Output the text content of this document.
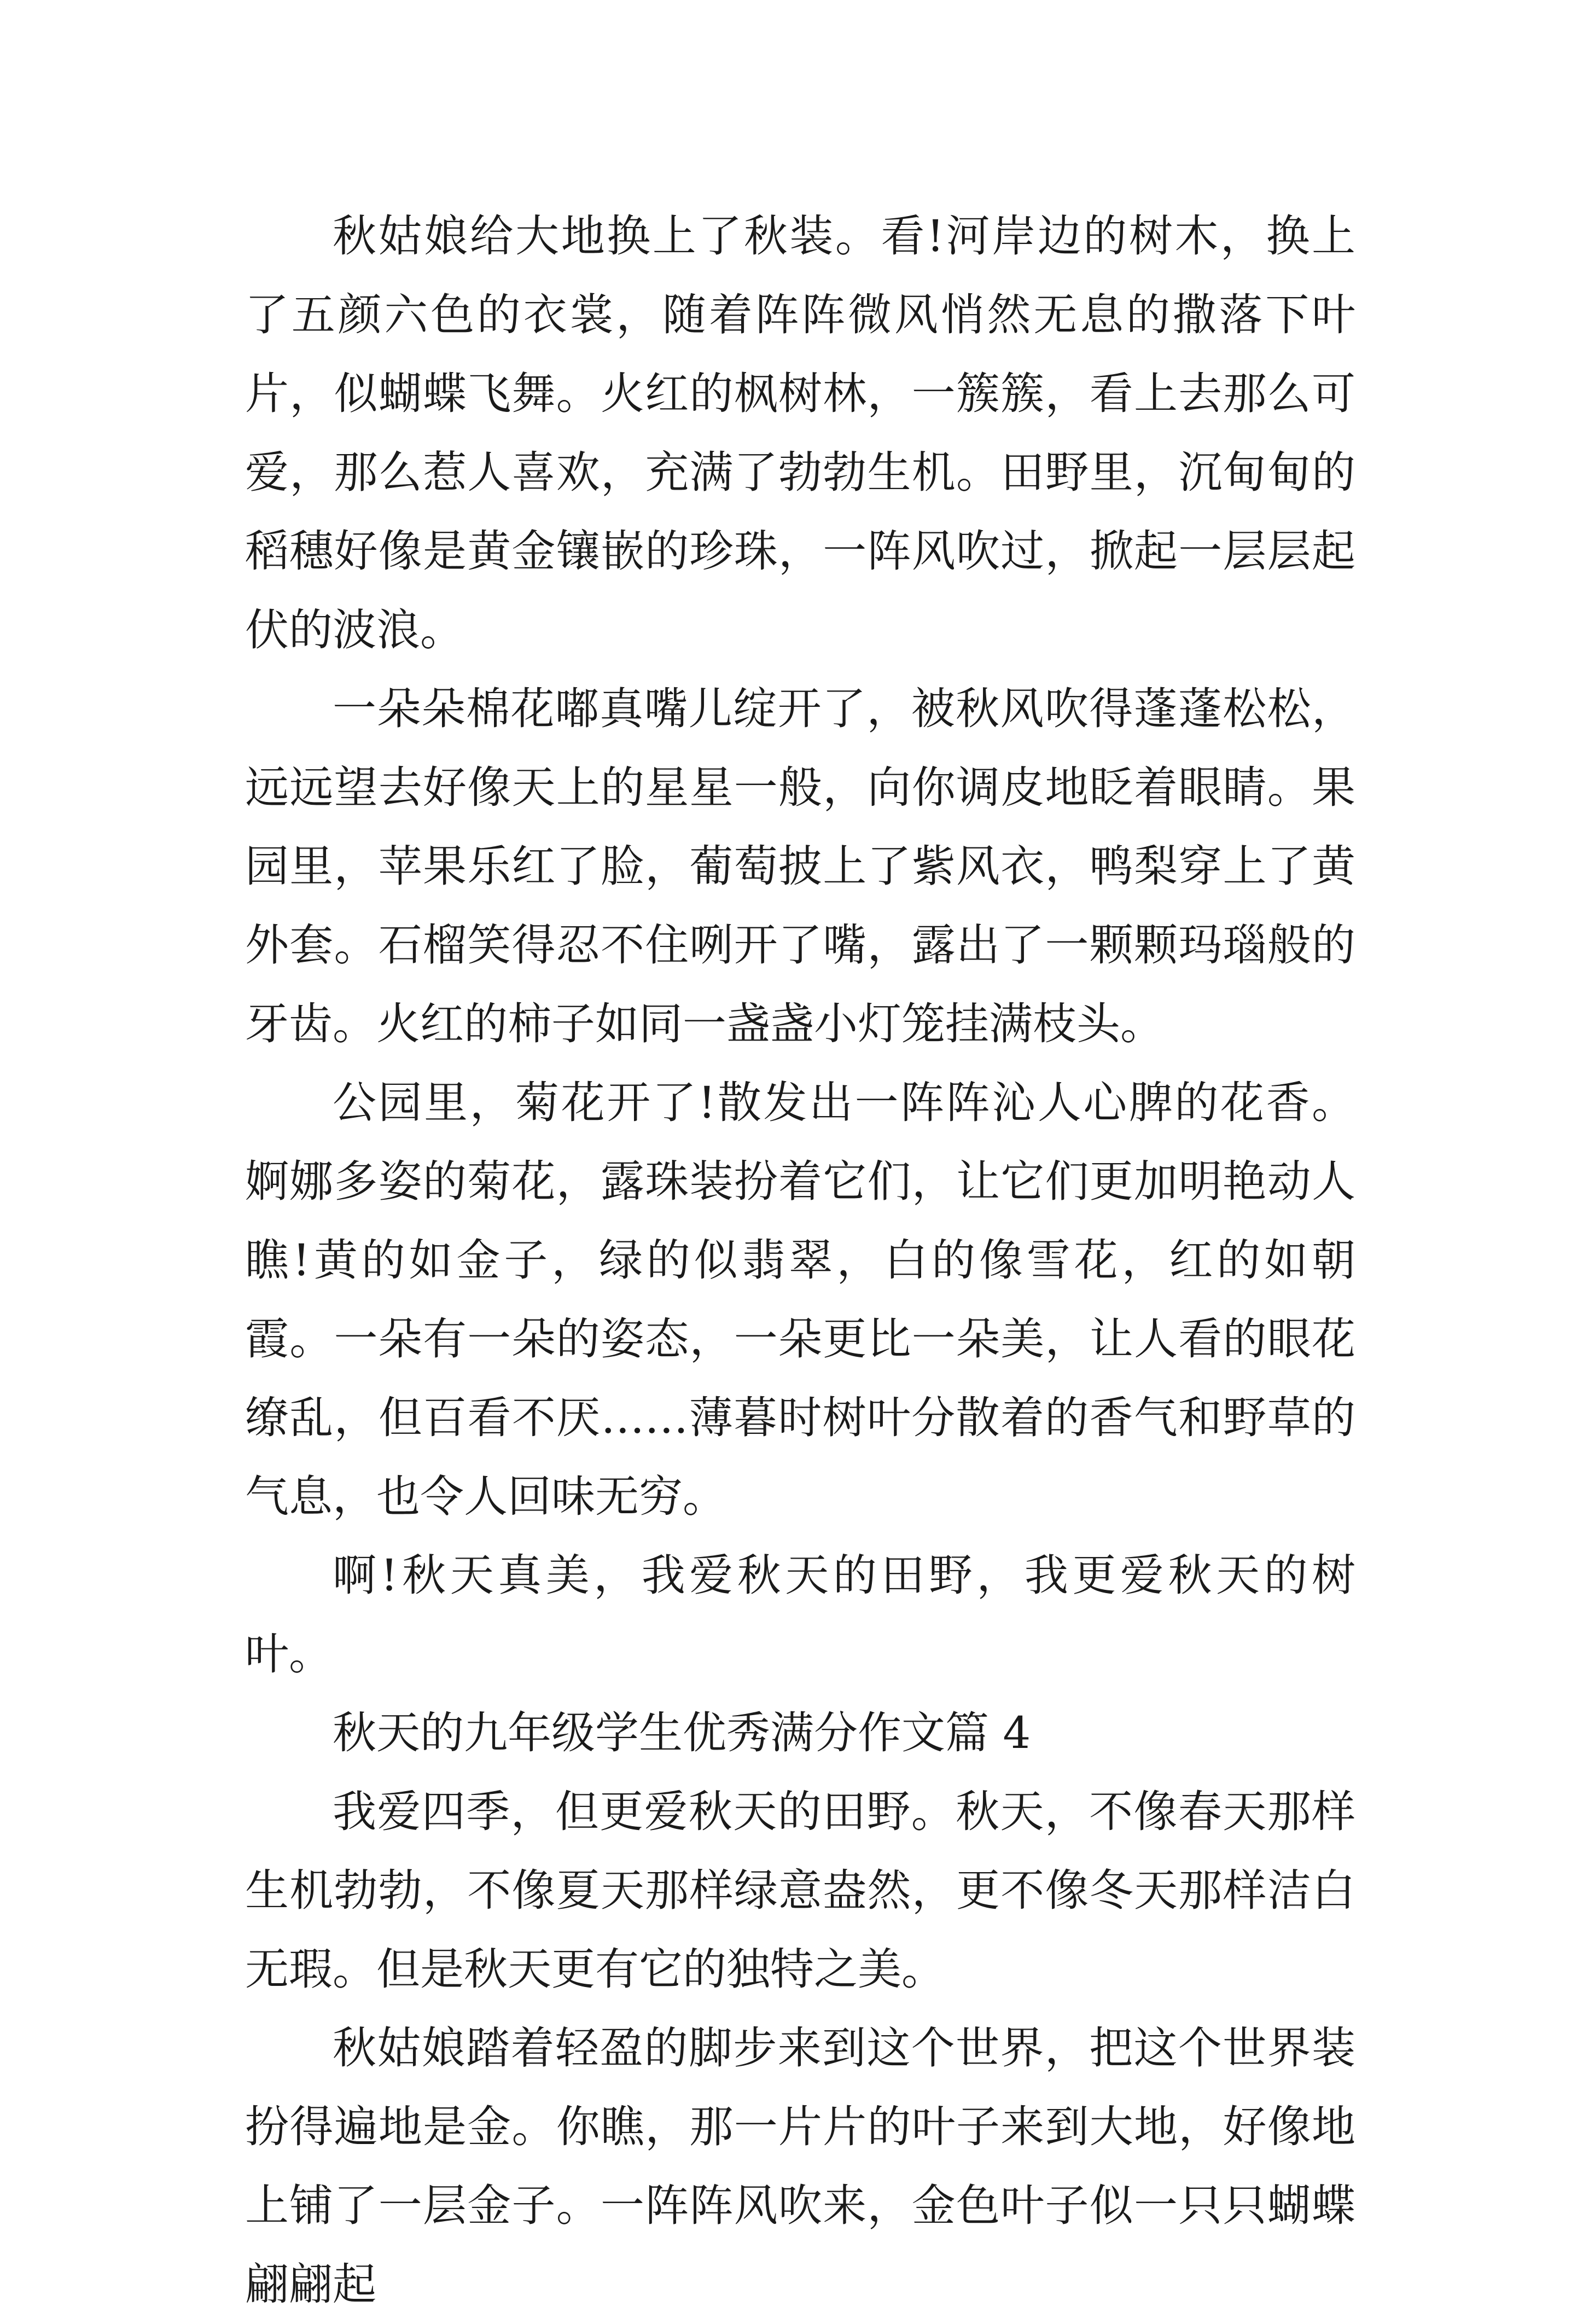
秋姑娘给大地换上了秋装。看!河岸边的树木，换上了五颜六色的衣裳，随着阵阵微风悄然无息的撒落下叶片，似蝴蝶飞舞。火红的枫树林，一簇簇，看上去那么可爱，那么惹人喜欢，充满了勃勃生机。田野里，沉甸甸的稻穗好像是黄金镶嵌的珍珠，一阵风吹过，掀起一层层起伏的波浪。

一朵朵棉花嘟真嘴儿绽开了，被秋风吹得蓬蓬松松，远远望去好像天上的星星一般，向你调皮地眨着眼睛。果园里，苹果乐红了脸，葡萄披上了紫风衣，鸭梨穿上了黄外套。石榴笑得忍不住咧开了嘴，露出了一颗颗玛瑙般的牙齿。火红的柿子如同一盏盏小灯笼挂满枝头。

公园里，菊花开了!散发出一阵阵沁人心脾的花香。婀娜多姿的菊花，露珠装扮着它们，让它们更加明艳动人瞧!黄的如金子，绿的似翡翠，白的像雪花，红的如朝霞。一朵有一朵的姿态，一朵更比一朵美，让人看的眼花缭乱，但百看不厌……薄暮时树叶分散着的香气和野草的气息，也令人回味无穷。

啊!秋天真美，我爱秋天的田野，我更爱秋天的树叶。

秋天的九年级学生优秀满分作文篇 4

我爱四季，但更爱秋天的田野。秋天，不像春天那样生机勃勃，不像夏天那样绿意盎然，更不像冬天那样洁白无瑕。但是秋天更有它的独特之美。

秋姑娘踏着轻盈的脚步来到这个世界，把这个世界装扮得遍地是金。你瞧，那一片片的叶子来到大地，好像地上铺了一层金子。一阵阵风吹来，金色叶子似一只只蝴蝶翩翩起
